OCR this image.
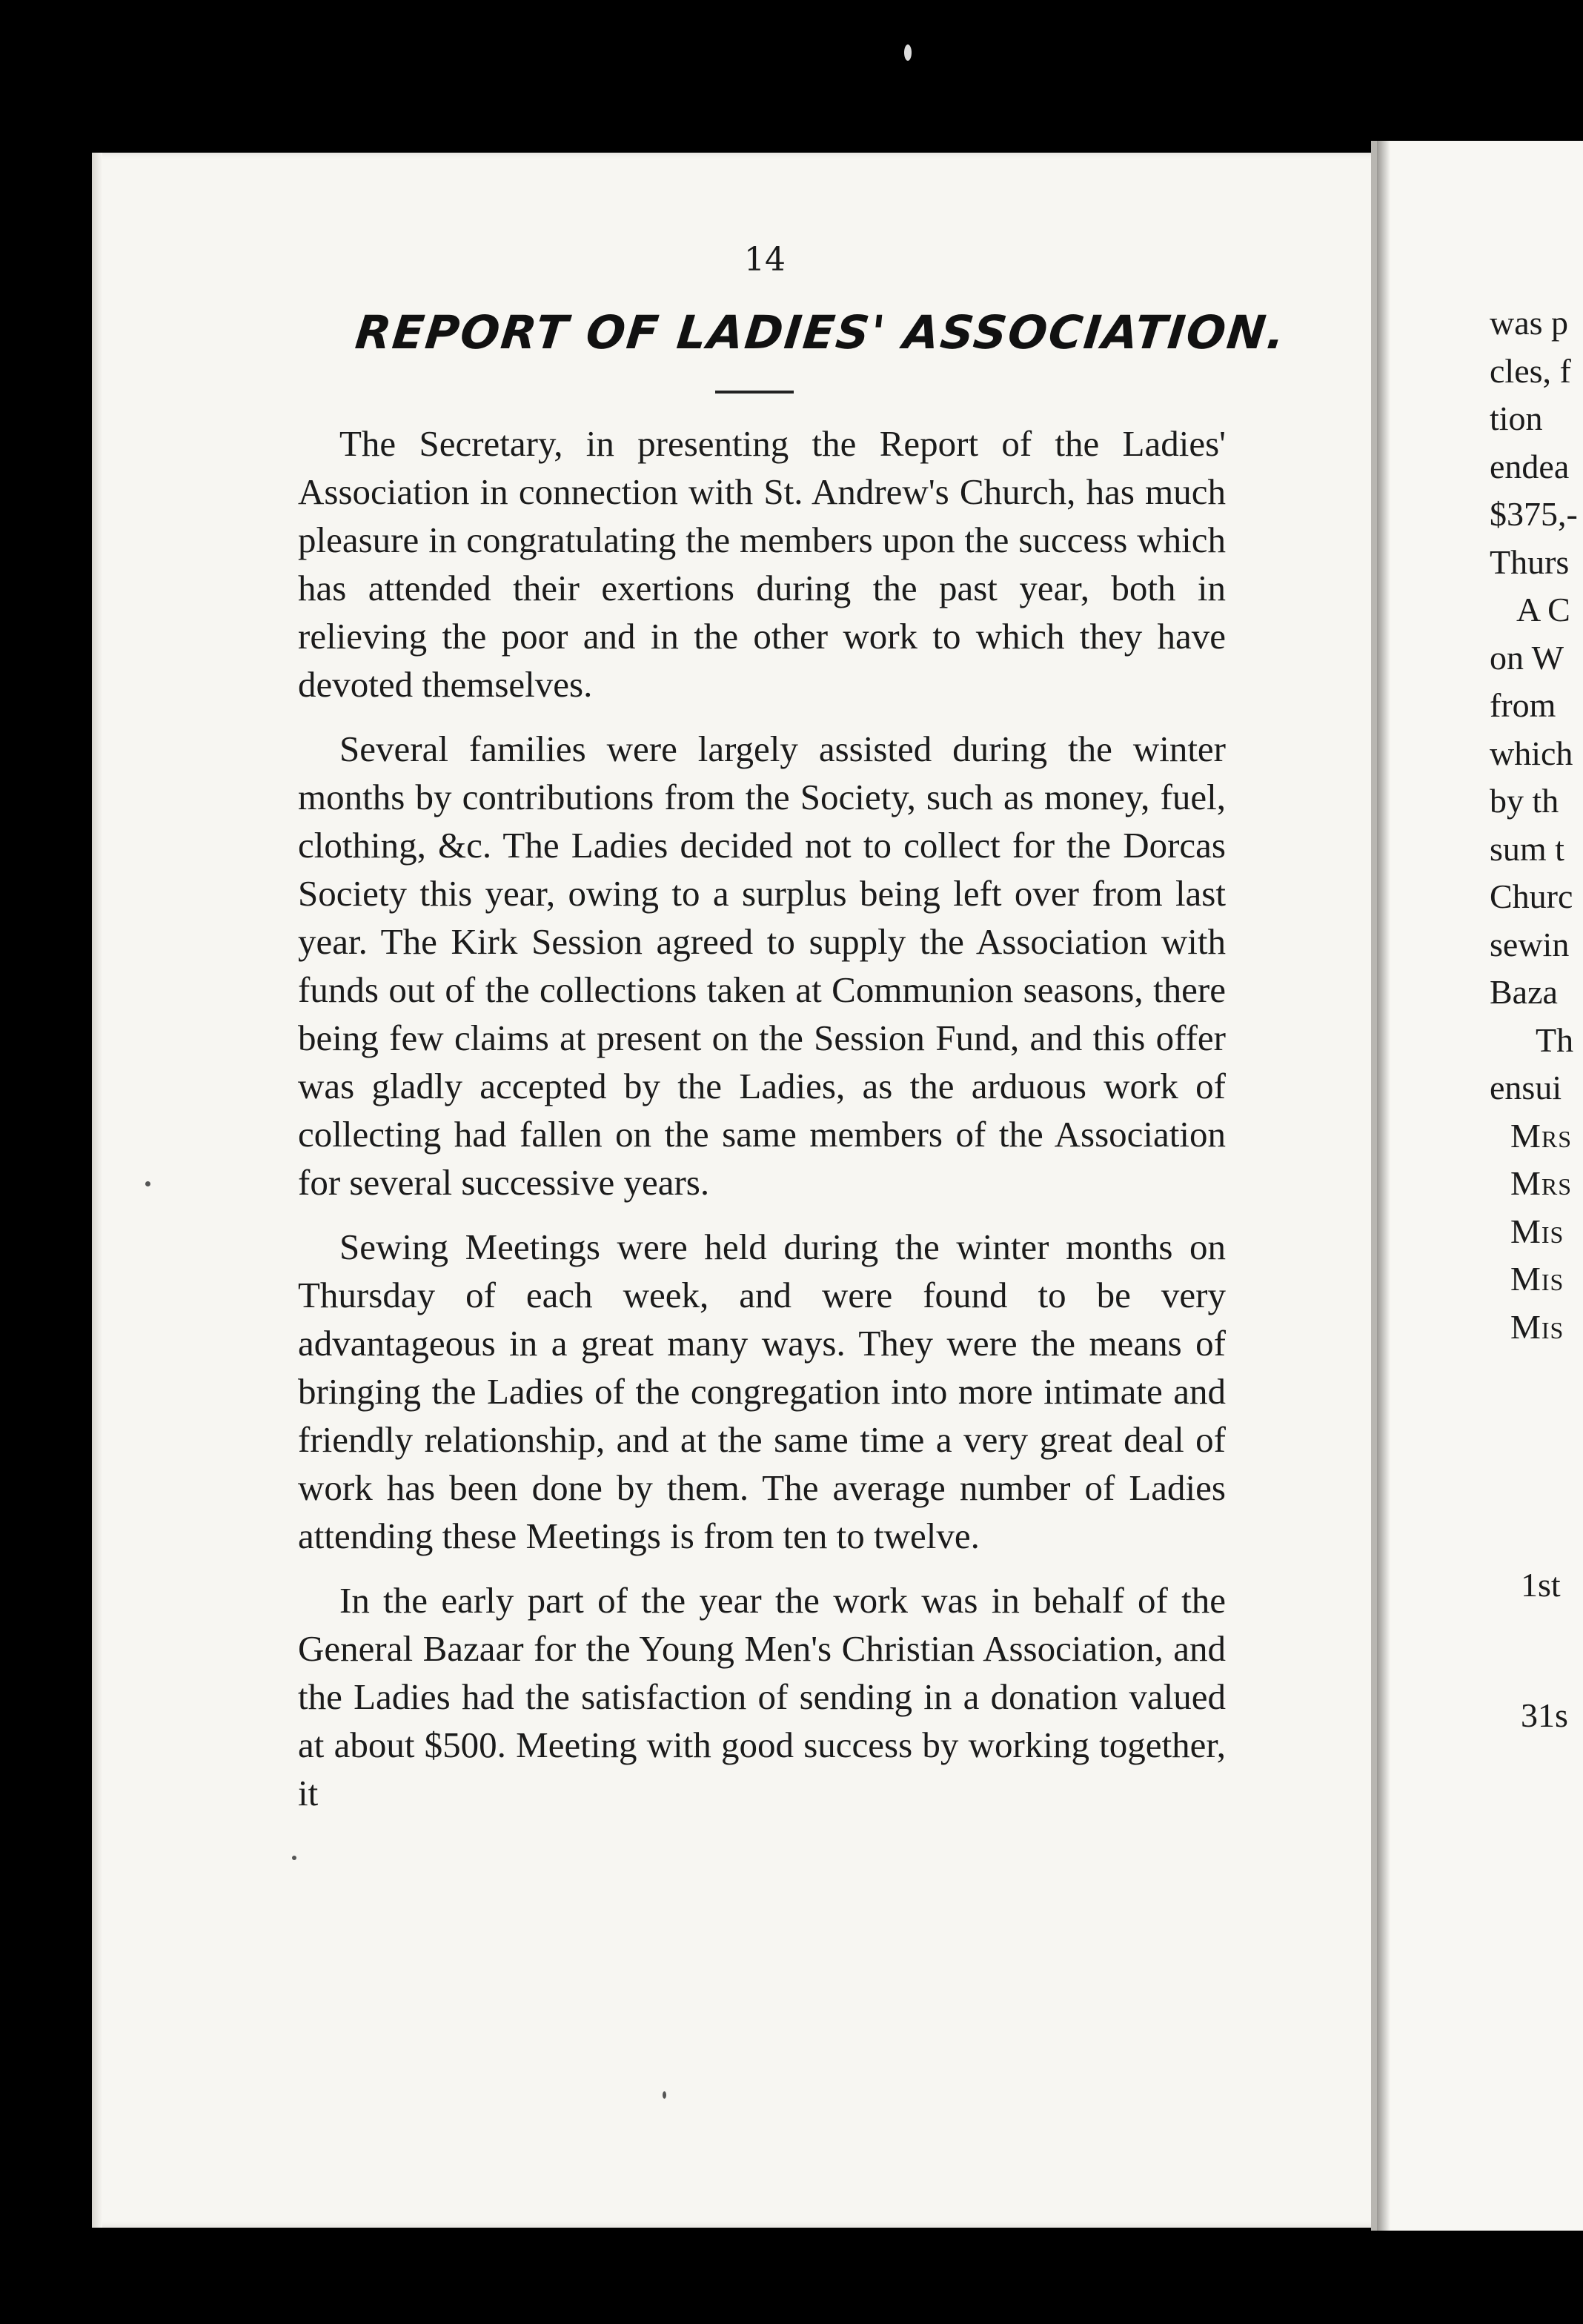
14
REPORT OF LADIES' ASSOCIATION.

The Secretary, in presenting the Report of the Ladies' Association in connection with St. Andrew's Church, has much pleasure in congratulating the members upon the success which has attended their exertions during the past year, both in relieving the poor and in the other work to which they have devoted themselves.

Several families were largely assisted during the winter months by contributions from the Society, such as money, fuel, clothing, &c. The Ladies decided not to collect for the Dorcas Society this year, owing to a surplus being left over from last year. The Kirk Session agreed to supply the Association with funds out of the collections taken at Communion seasons, there being few claims at present on the Session Fund, and this offer was gladly accepted by the Ladies, as the arduous work of collecting had fallen on the same members of the Association for several successive years.

Sewing Meetings were held during the winter months on Thursday of each week, and were found to be very advantageous in a great many ways. They were the means of bringing the Ladies of the congregation into more intimate and friendly relationship, and at the same time a very great deal of work has been done by them. The average number of Ladies attending these Meetings is from ten to twelve.

In the early part of the year the work was in behalf of the General Bazaar for the Young Men's Christian Association, and the Ladies had the satisfaction of sending in a donation valued at about $500. Meeting with good success by working together, it

was p
cles, f
tion
endea
$375,-
Thurs
A C
on W
from
which
by th
sum t
Churc
sewin
Baza
Th
ensui
Mrs
Mrs
Mis
Mis
Mis
1st
31s
